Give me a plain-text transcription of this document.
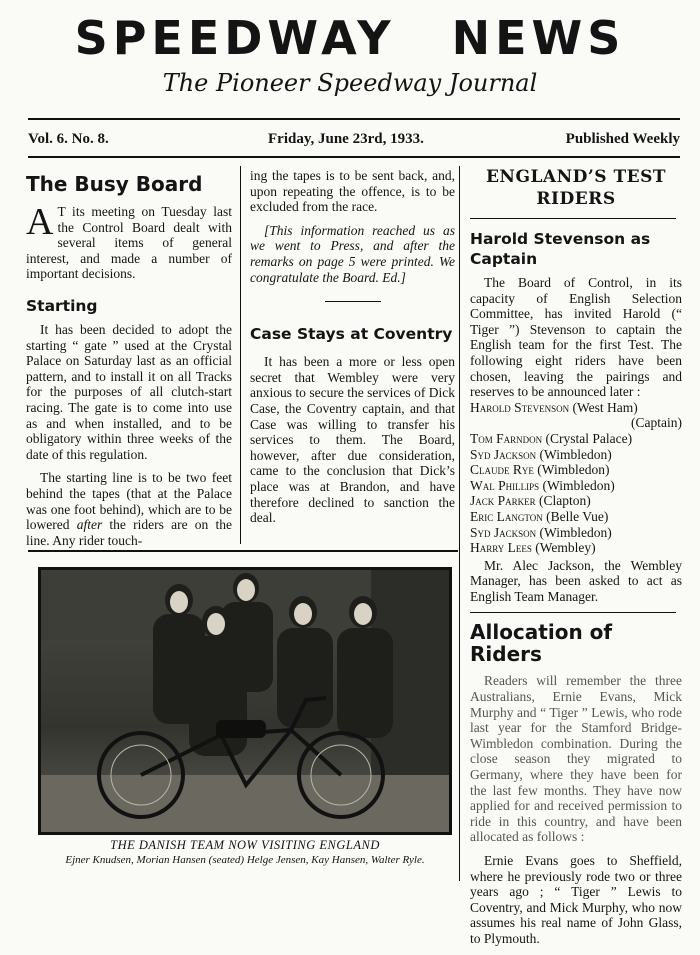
SPEEDWAY NEWS
The Pioneer Speedway Journal
Vol. 6. No. 8.	Friday, June 23rd, 1933.	Published Weekly
The Busy Board

A T its meeting on Tuesday last the Control Board dealt with several items of general interest, and made a number of important decisions.

Starting

It has been decided to adopt the starting “ gate ” used at the Crystal Palace on Saturday last as an official pattern, and to install it on all Tracks for the purposes of all clutch-start racing. The gate is to come into use as and when installed, and to be obligatory within three weeks of the date of this regulation.

The starting line is to be two feet behind the tapes (that at the Palace was one foot behind), which are to be lowered after the riders are on the line. Any rider touch-

ing the tapes is to be sent back, and, upon repeating the offence, is to be excluded from the race.

[This information reached us as we went to Press, and after the remarks on page 5 were printed. We congratulate the Board. Ed.]

Case Stays at Coventry

It has been a more or less open secret that Wembley were very anxious to secure the services of Dick Case, the Coventry captain, and that Case was willing to transfer his services to them. The Board, however, after due consideration, came to the conclusion that Dick’s place was at Brandon, and have therefore declined to sanction the deal.

ENGLAND’S TEST RIDERS
Harold Stevenson as Captain

The Board of Control, in its capacity of English Selection Committee, has invited Harold (“ Tiger ”) Stevenson to captain the English team for the first Test. The following eight riders have been chosen, leaving the pairings and reserves to be announced later :

Harold Stevenson (West Ham)
(Captain)
Tom Farndon (Crystal Palace)
Syd Jackson (Wimbledon)
Claude Rye (Wimbledon)
Wal Phillips (Wimbledon)
Jack Parker (Clapton)
Eric Langton (Belle Vue)
Syd Jackson (Wimbledon)
Harry Lees (Wembley)

Mr. Alec Jackson, the Wembley Manager, has been asked to act as English Team Manager.

Allocation of Riders

Readers will remember the three Australians, Ernie Evans, Mick Murphy and “ Tiger ” Lewis, who rode last year for the Stamford Bridge-Wimbledon combination. During the close season they migrated to Germany, where they have been for the last few months. They have now applied for and received permission to ride in this country, and have been allocated as follows :

Ernie Evans goes to Sheffield, where he previously rode two or three years ago ; “ Tiger ” Lewis to Coventry, and Mick Murphy, who now assumes his real name of John Glass, to Plymouth.

THE DANISH TEAM NOW VISITING ENGLAND
Ejner Knudsen, Morian Hansen (seated) Helge Jensen, Kay Hansen, Walter Ryle.
